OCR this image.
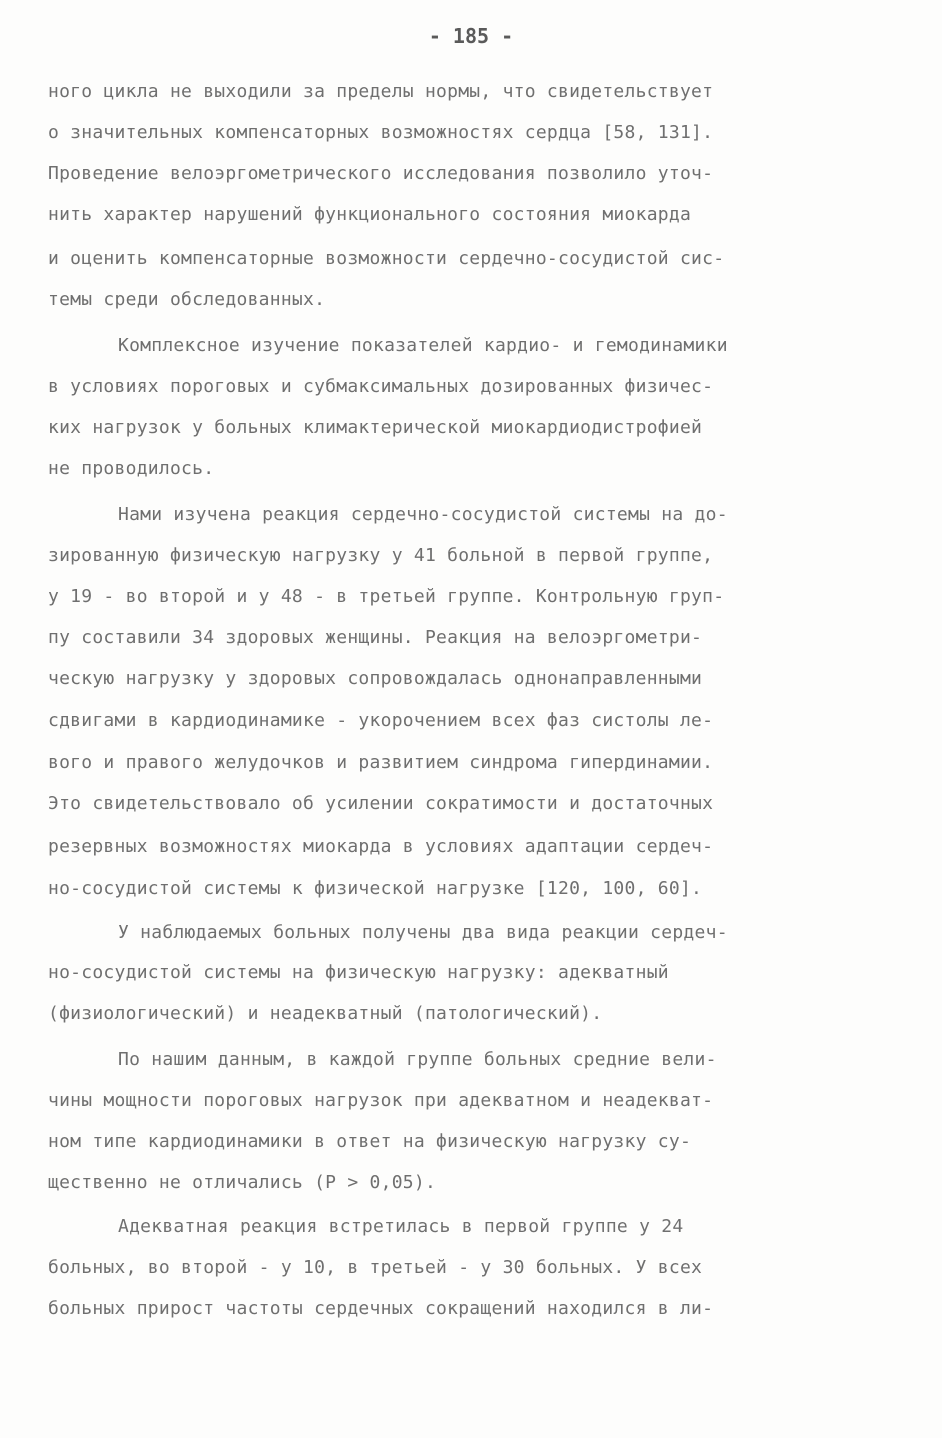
- 185 -
ного цикла не выходили за пределы нормы, что свидетельствует
о значительных компенсаторных возможностях сердца [58, 131].
Проведение велоэргометрического исследования позволило уточ-
нить характер нарушений функционального состояния миокарда
и оценить компенсаторные возможности сердечно-сосудистой сис-
темы среди обследованных.
Комплексное изучение показателей кардио- и гемодинамики
в условиях пороговых и субмаксимальных дозированных физичес-
ких нагрузок у больных климактерической миокардиодистрофией
не проводилось.
Нами изучена реакция сердечно-сосудистой системы на до-
зированную физическую нагрузку у 41 больной в первой группе,
у 19 - во второй и у 48 - в третьей группе. Контрольную груп-
пу составили 34 здоровых женщины. Реакция на велоэргометри-
ческую нагрузку у здоровых сопровождалась однонаправленными
сдвигами в кардиодинамике - укорочением всех фаз систолы ле-
вого и правого желудочков и развитием синдрома гипердинамии.
Это свидетельствовало об усилении сократимости и достаточных
резервных возможностях миокарда в условиях адаптации сердеч-
но-сосудистой системы к физической нагрузке [120, 100, 60].
У наблюдаемых больных получены два вида реакции сердеч-
но-сосудистой системы на физическую нагрузку: адекватный
(физиологический) и неадекватный (патологический).
По нашим данным, в каждой группе больных средние вели-
чины мощности пороговых нагрузок при адекватном и неадекват-
ном типе кардиодинамики в ответ на физическую нагрузку су-
щественно не отличались (P > 0,05).
Адекватная реакция встретилась в первой группе у 24
больных, во второй - у 10, в третьей - у 30 больных. У всех
больных прирост частоты сердечных сокращений находился в ли-
